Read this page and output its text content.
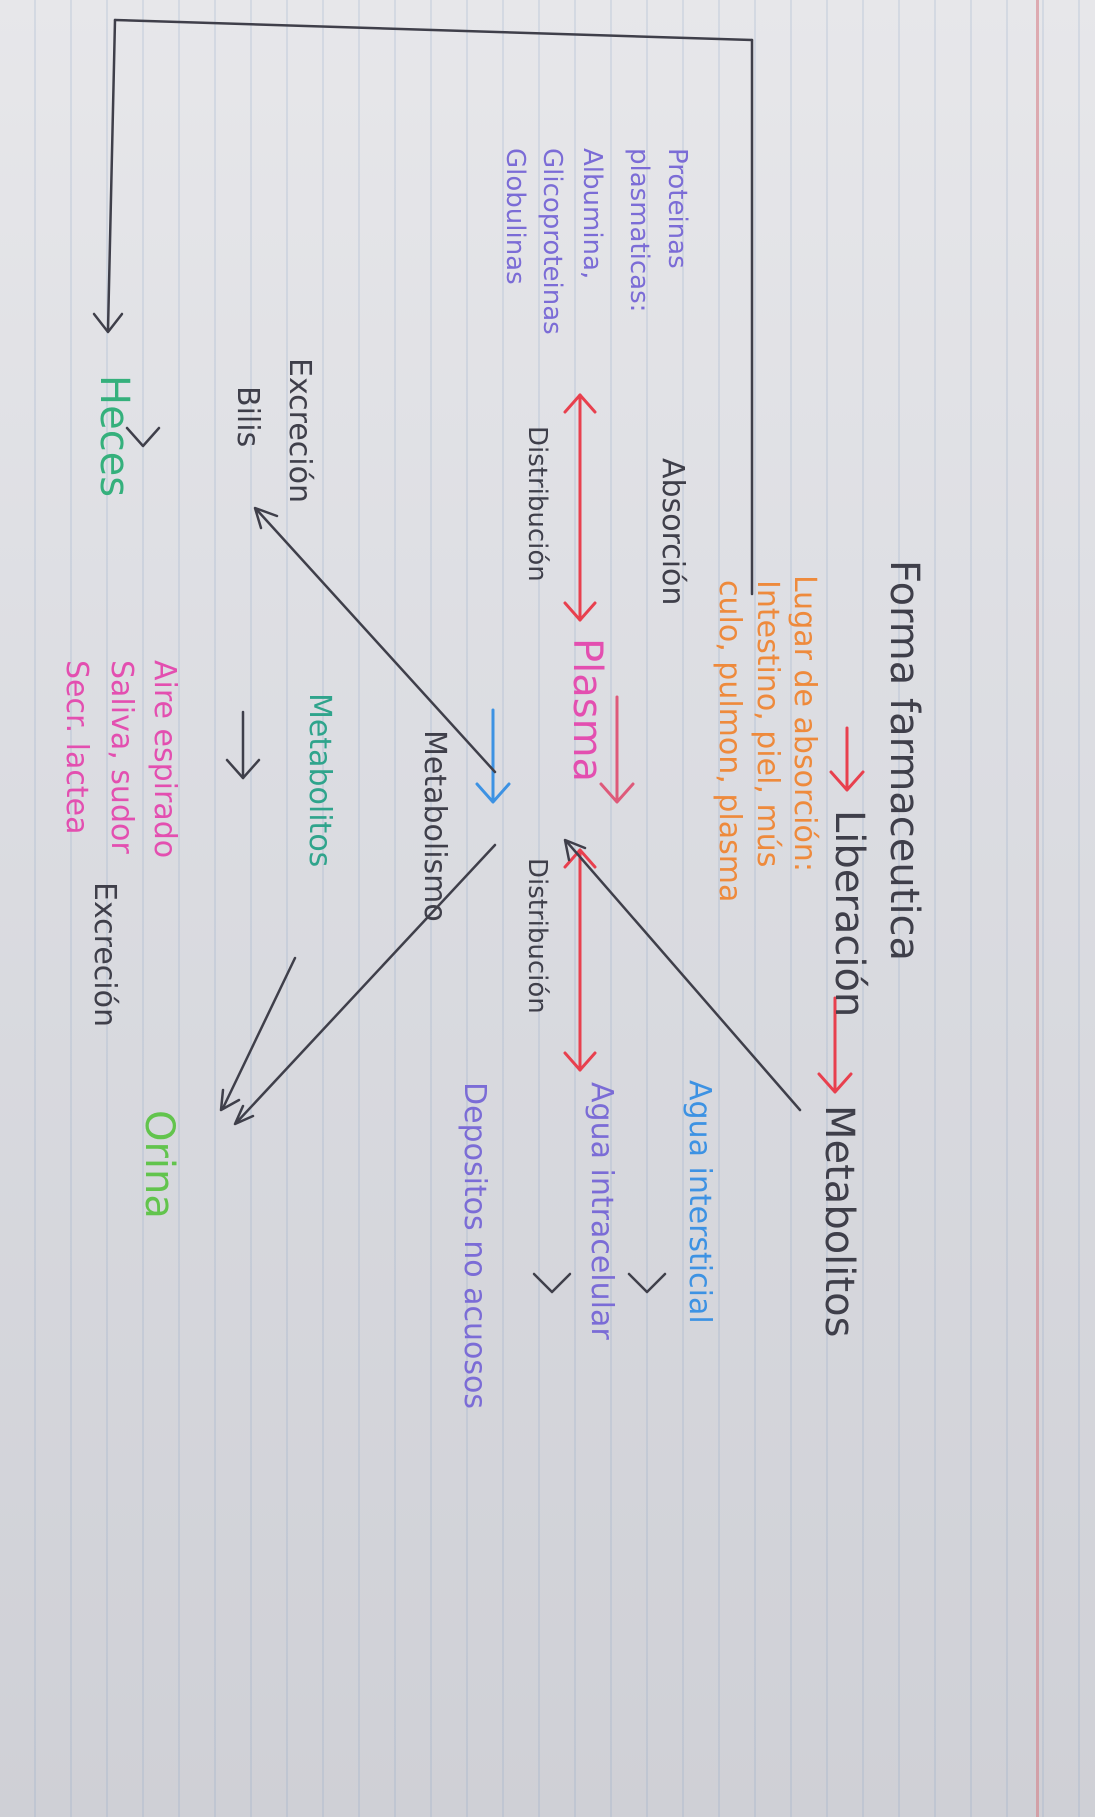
Forma farmaceutica
Liberación
Lugar de absorción:
Intestino, piel, mús
culo, pulmon, plasma
Metabolitos
Absorción
Plasma
Distribución
Distribución
Agua intersticial
Agua intracelular
Depositos no acuosos
Metabolismo
Metabolitos
Proteinas
plasmaticas:
Albumina,
Glicoproteinas
Globulinas
Excreción
Bilis
Heces
Orina
Excreción
Aire espirado
Saliva, sudor
Secr. lactea
